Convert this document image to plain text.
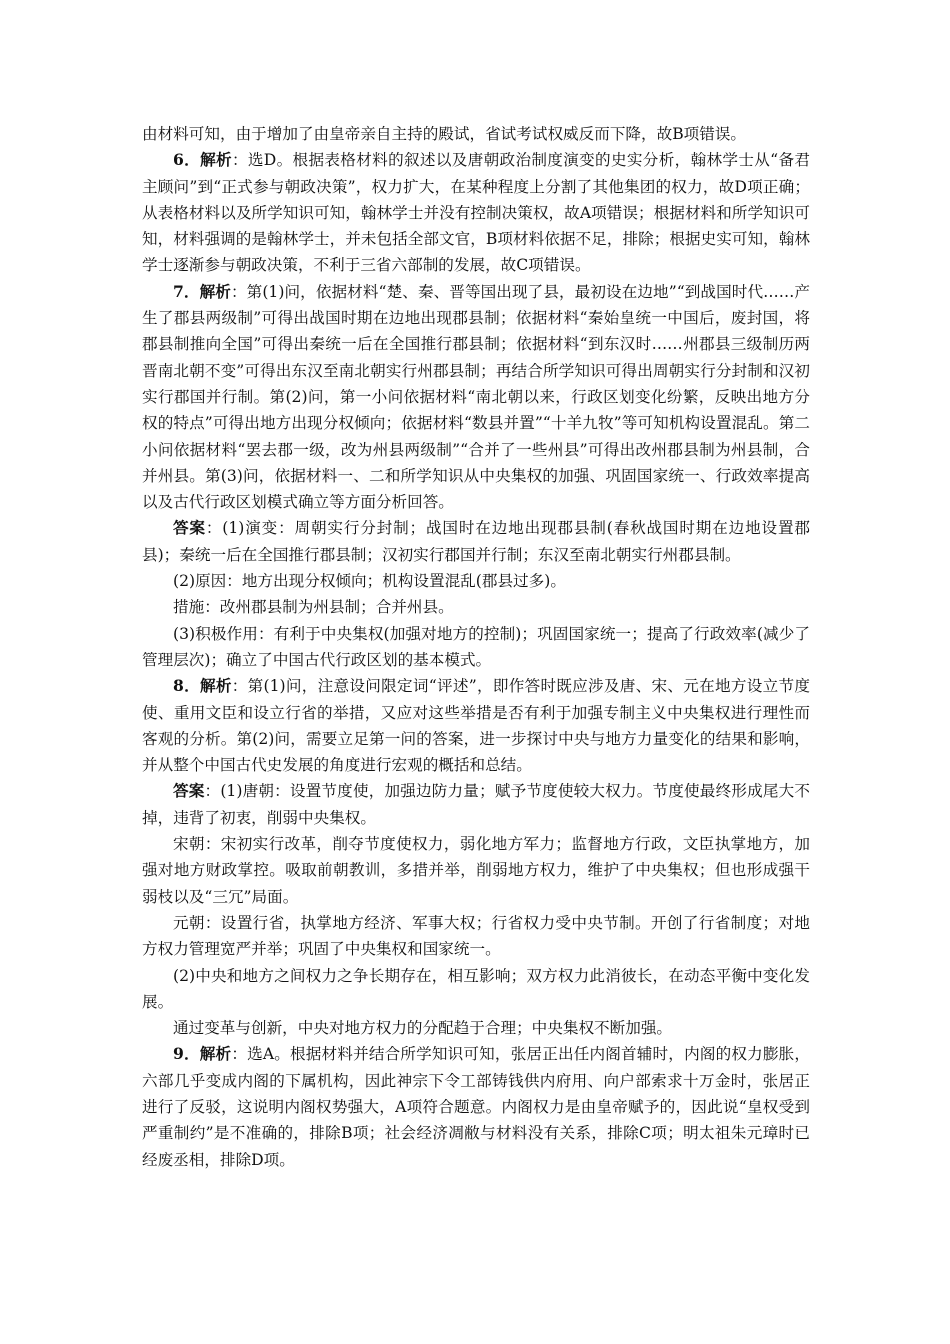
由材料可知，由于增加了由皇帝亲自主持的殿试，省试考试权威反而下降，故B项错误。

6．解析：选D。根据表格材料的叙述以及唐朝政治制度演变的史实分析，翰林学士从“备君主顾问”到“正式参与朝政决策”，权力扩大，在某种程度上分割了其他集团的权力，故D项正确；从表格材料以及所学知识可知，翰林学士并没有控制决策权，故A项错误；根据材料和所学知识可知，材料强调的是翰林学士，并未包括全部文官，B项材料依据不足，排除；根据史实可知，翰林学士逐渐参与朝政决策，不利于三省六部制的发展，故C项错误。

7．解析：第(1)问，依据材料“楚、秦、晋等国出现了县，最初设在边地”“到战国时代……产生了郡县两级制”可得出战国时期在边地出现郡县制；依据材料“秦始皇统一中国后，废封国，将郡县制推向全国”可得出秦统一后在全国推行郡县制；依据材料“到东汉时……州郡县三级制历两晋南北朝不变”可得出东汉至南北朝实行州郡县制；再结合所学知识可得出周朝实行分封制和汉初实行郡国并行制。第(2)问，第一小问依据材料“南北朝以来，行政区划变化纷繁，反映出地方分权的特点”可得出地方出现分权倾向；依据材料“数县并置”“十羊九牧”等可知机构设置混乱。第二小问依据材料“罢去郡一级，改为州县两级制”“合并了一些州县”可得出改州郡县制为州县制，合并州县。第(3)问，依据材料一、二和所学知识从中央集权的加强、巩固国家统一、行政效率提高以及古代行政区划模式确立等方面分析回答。

答案：(1)演变：周朝实行分封制；战国时在边地出现郡县制(春秋战国时期在边地设置郡县)；秦统一后在全国推行郡县制；汉初实行郡国并行制；东汉至南北朝实行州郡县制。

(2)原因：地方出现分权倾向；机构设置混乱(郡县过多)。

措施：改州郡县制为州县制；合并州县。

(3)积极作用：有利于中央集权(加强对地方的控制)；巩固国家统一；提高了行政效率(减少了管理层次)；确立了中国古代行政区划的基本模式。

8．解析：第(1)问，注意设问限定词“评述”，即作答时既应涉及唐、宋、元在地方设立节度使、重用文臣和设立行省的举措，又应对这些举措是否有利于加强专制主义中央集权进行理性而客观的分析。第(2)问，需要立足第一问的答案，进一步探讨中央与地方力量变化的结果和影响，并从整个中国古代史发展的角度进行宏观的概括和总结。

答案：(1)唐朝：设置节度使，加强边防力量；赋予节度使较大权力。节度使最终形成尾大不掉，违背了初衷，削弱中央集权。

宋朝：宋初实行改革，削夺节度使权力，弱化地方军力；监督地方行政，文臣执掌地方，加强对地方财政掌控。吸取前朝教训，多措并举，削弱地方权力，维护了中央集权；但也形成强干弱枝以及“三冗”局面。

元朝：设置行省，执掌地方经济、军事大权；行省权力受中央节制。开创了行省制度；对地方权力管理宽严并举；巩固了中央集权和国家统一。

(2)中央和地方之间权力之争长期存在，相互影响；双方权力此消彼长，在动态平衡中变化发展。

通过变革与创新，中央对地方权力的分配趋于合理；中央集权不断加强。

9．解析：选A。根据材料并结合所学知识可知，张居正出任内阁首辅时，内阁的权力膨胀，六部几乎变成内阁的下属机构，因此神宗下令工部铸钱供内府用、向户部索求十万金时，张居正进行了反驳，这说明内阁权势强大，A项符合题意。内阁权力是由皇帝赋予的，因此说“皇权受到严重制约”是不准确的，排除B项；社会经济凋敝与材料没有关系，排除C项；明太祖朱元璋时已经废丞相，排除D项。
